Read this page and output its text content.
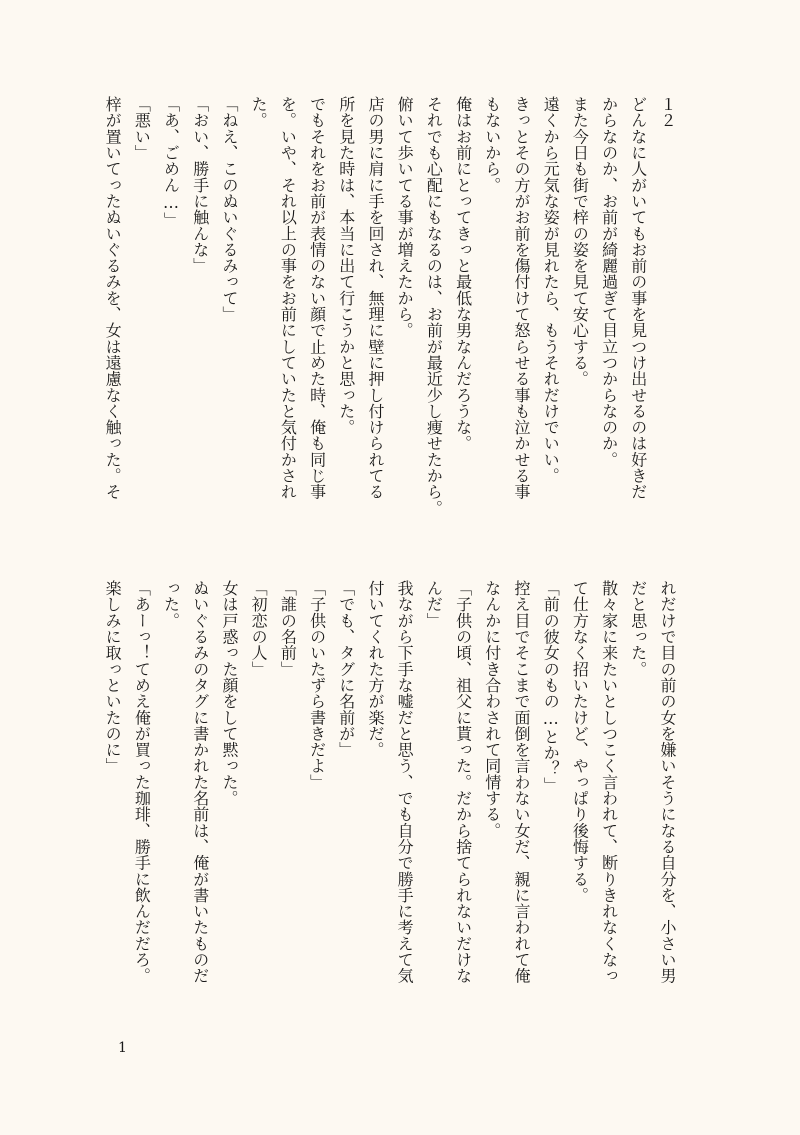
１２
どんなに人がいてもお前の事を見つけ出せるのは好きだ
からなのか、お前が綺麗過ぎて目立つからなのか。
また今日も街で梓の姿を見て安心する。
遠くから元気な姿が見れたら、もうそれだけでいい。
きっとその方がお前を傷付けて怒らせる事も泣かせる事
もないから。
俺はお前にとってきっと最低な男なんだろうな。
それでも心配にもなるのは、お前が最近少し痩せたから。
俯いて歩いてる事が増えたから。
店の男に肩に手を回され、無理に壁に押し付けられてる
所を見た時は、本当に出て行こうかと思った。
でもそれをお前が表情のない顔で止めた時、俺も同じ事
を。いや、それ以上の事をお前にしていたと気付かされ
た。
「ねえ、このぬいぐるみって」
「おい、勝手に触んな」
「あ、ごめん…」
「悪い」
梓が置いてったぬいぐるみを、女は遠慮なく触った。そ
れだけで目の前の女を嫌いそうになる自分を、小さい男
だと思った。
散々家に来たいとしつこく言われて、断りきれなくなっ
て仕方なく招いたけど、やっぱり後悔する。
「前の彼女のもの…とか？」
控え目でそこまで面倒を言わない女だ、親に言われて俺
なんかに付き合わされて同情する。
「子供の頃、祖父に貰った。だから捨てられないだけな
んだ」
我ながら下手な嘘だと思う、でも自分で勝手に考えて気
付いてくれた方が楽だ。
「でも、タグに名前が」
「子供のいたずら書きだよ」
「誰の名前」
「初恋の人」
女は戸惑った顔をして黙った。
ぬいぐるみのタグに書かれた名前は、俺が書いたものだ
った。
「あーっ！てめえ俺が買った珈琲、勝手に飲んだだろ。
楽しみに取っといたのに」
1
